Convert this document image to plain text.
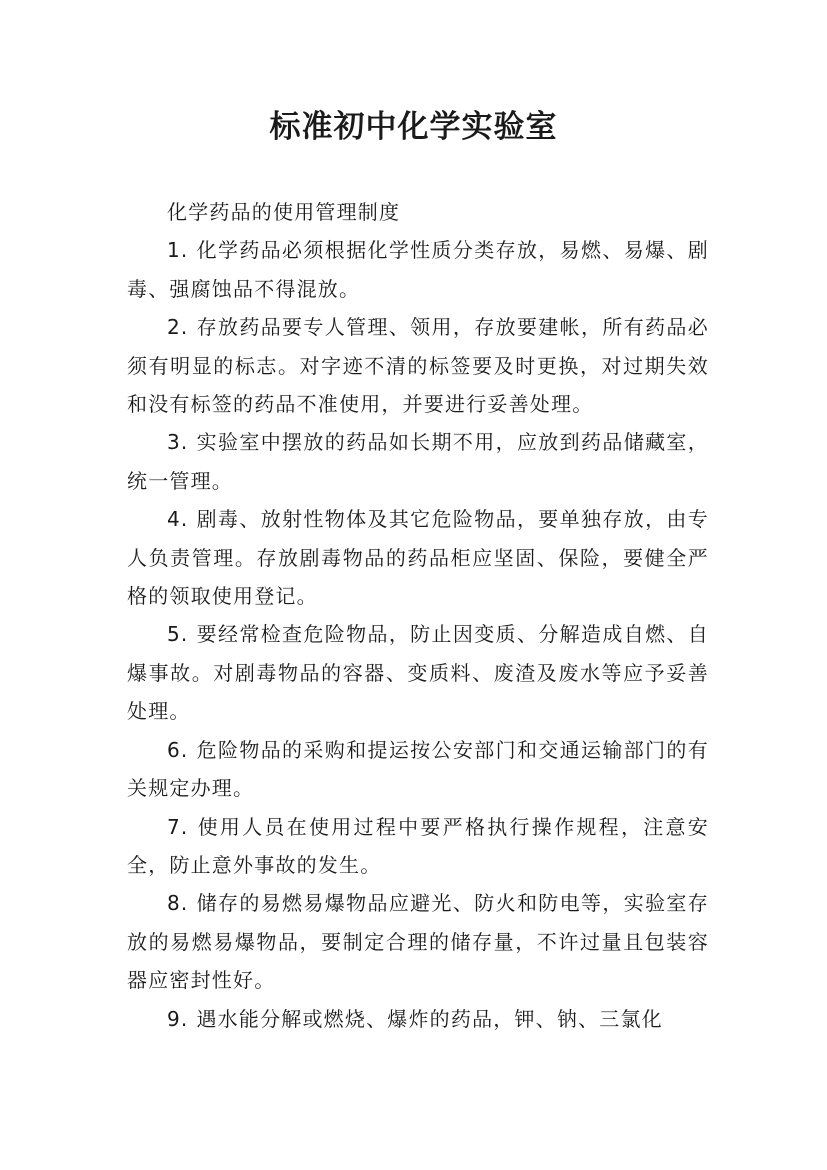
标准初中化学实验室

化学药品的使用管理制度

1. 化学药品必须根据化学性质分类存放，易燃、易爆、剧毒、强腐蚀品不得混放。

2. 存放药品要专人管理、领用，存放要建帐，所有药品必须有明显的标志。对字迹不清的标签要及时更换，对过期失效和没有标签的药品不准使用，并要进行妥善处理。

3. 实验室中摆放的药品如长期不用，应放到药品储藏室，统一管理。

4. 剧毒、放射性物体及其它危险物品，要单独存放，由专人负责管理。存放剧毒物品的药品柜应坚固、保险，要健全严格的领取使用登记。

5. 要经常检查危险物品，防止因变质、分解造成自燃、自爆事故。对剧毒物品的容器、变质料、废渣及废水等应予妥善处理。

6. 危险物品的采购和提运按公安部门和交通运输部门的有关规定办理。

7. 使用人员在使用过程中要严格执行操作规程，注意安全，防止意外事故的发生。

8. 储存的易燃易爆物品应避光、防火和防电等，实验室存放的易燃易爆物品，要制定合理的储存量，不许过量且包装容器应密封性好。

9. 遇水能分解或燃烧、爆炸的药品，钾、钠、三氯化
